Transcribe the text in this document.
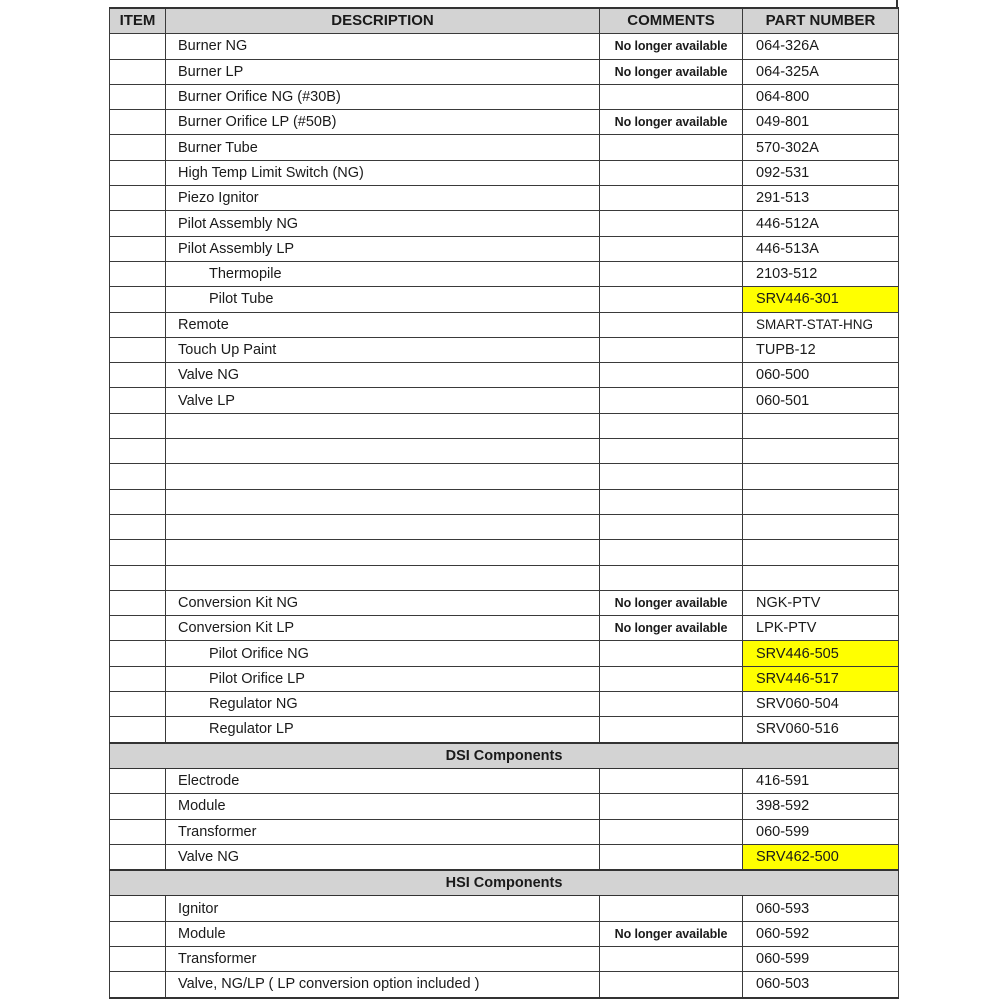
ITEM	DESCRIPTION	COMMENTS	PART NUMBER
	Burner NG	No longer available	064-326A
	Burner LP	No longer available	064-325A
	Burner Orifice NG (#30B)		064-800
	Burner Orifice LP (#50B)	No longer available	049-801
	Burner Tube		570-302A
	High Temp Limit Switch (NG)		092-531
	Piezo Ignitor		291-513
	Pilot Assembly NG		446-512A
	Pilot Assembly LP		446-513A
	Thermopile		2103-512
	Pilot Tube		SRV446-301
	Remote		SMART-STAT-HNG
	Touch Up Paint		TUPB-12
	Valve NG		060-500
	Valve LP		060-501

	Conversion Kit NG	No longer available	NGK-PTV
	Conversion Kit LP	No longer available	LPK-PTV
	Pilot Orifice NG		SRV446-505
	Pilot Orifice LP		SRV446-517
	Regulator NG		SRV060-504
	Regulator LP		SRV060-516
DSI Components			
	Electrode		416-591
	Module		398-592
	Transformer		060-599
	Valve NG		SRV462-500
HSI Components			
	Ignitor		060-593
	Module	No longer available	060-592
	Transformer		060-599
	Valve, NG/LP ( LP conversion option included )		060-503
